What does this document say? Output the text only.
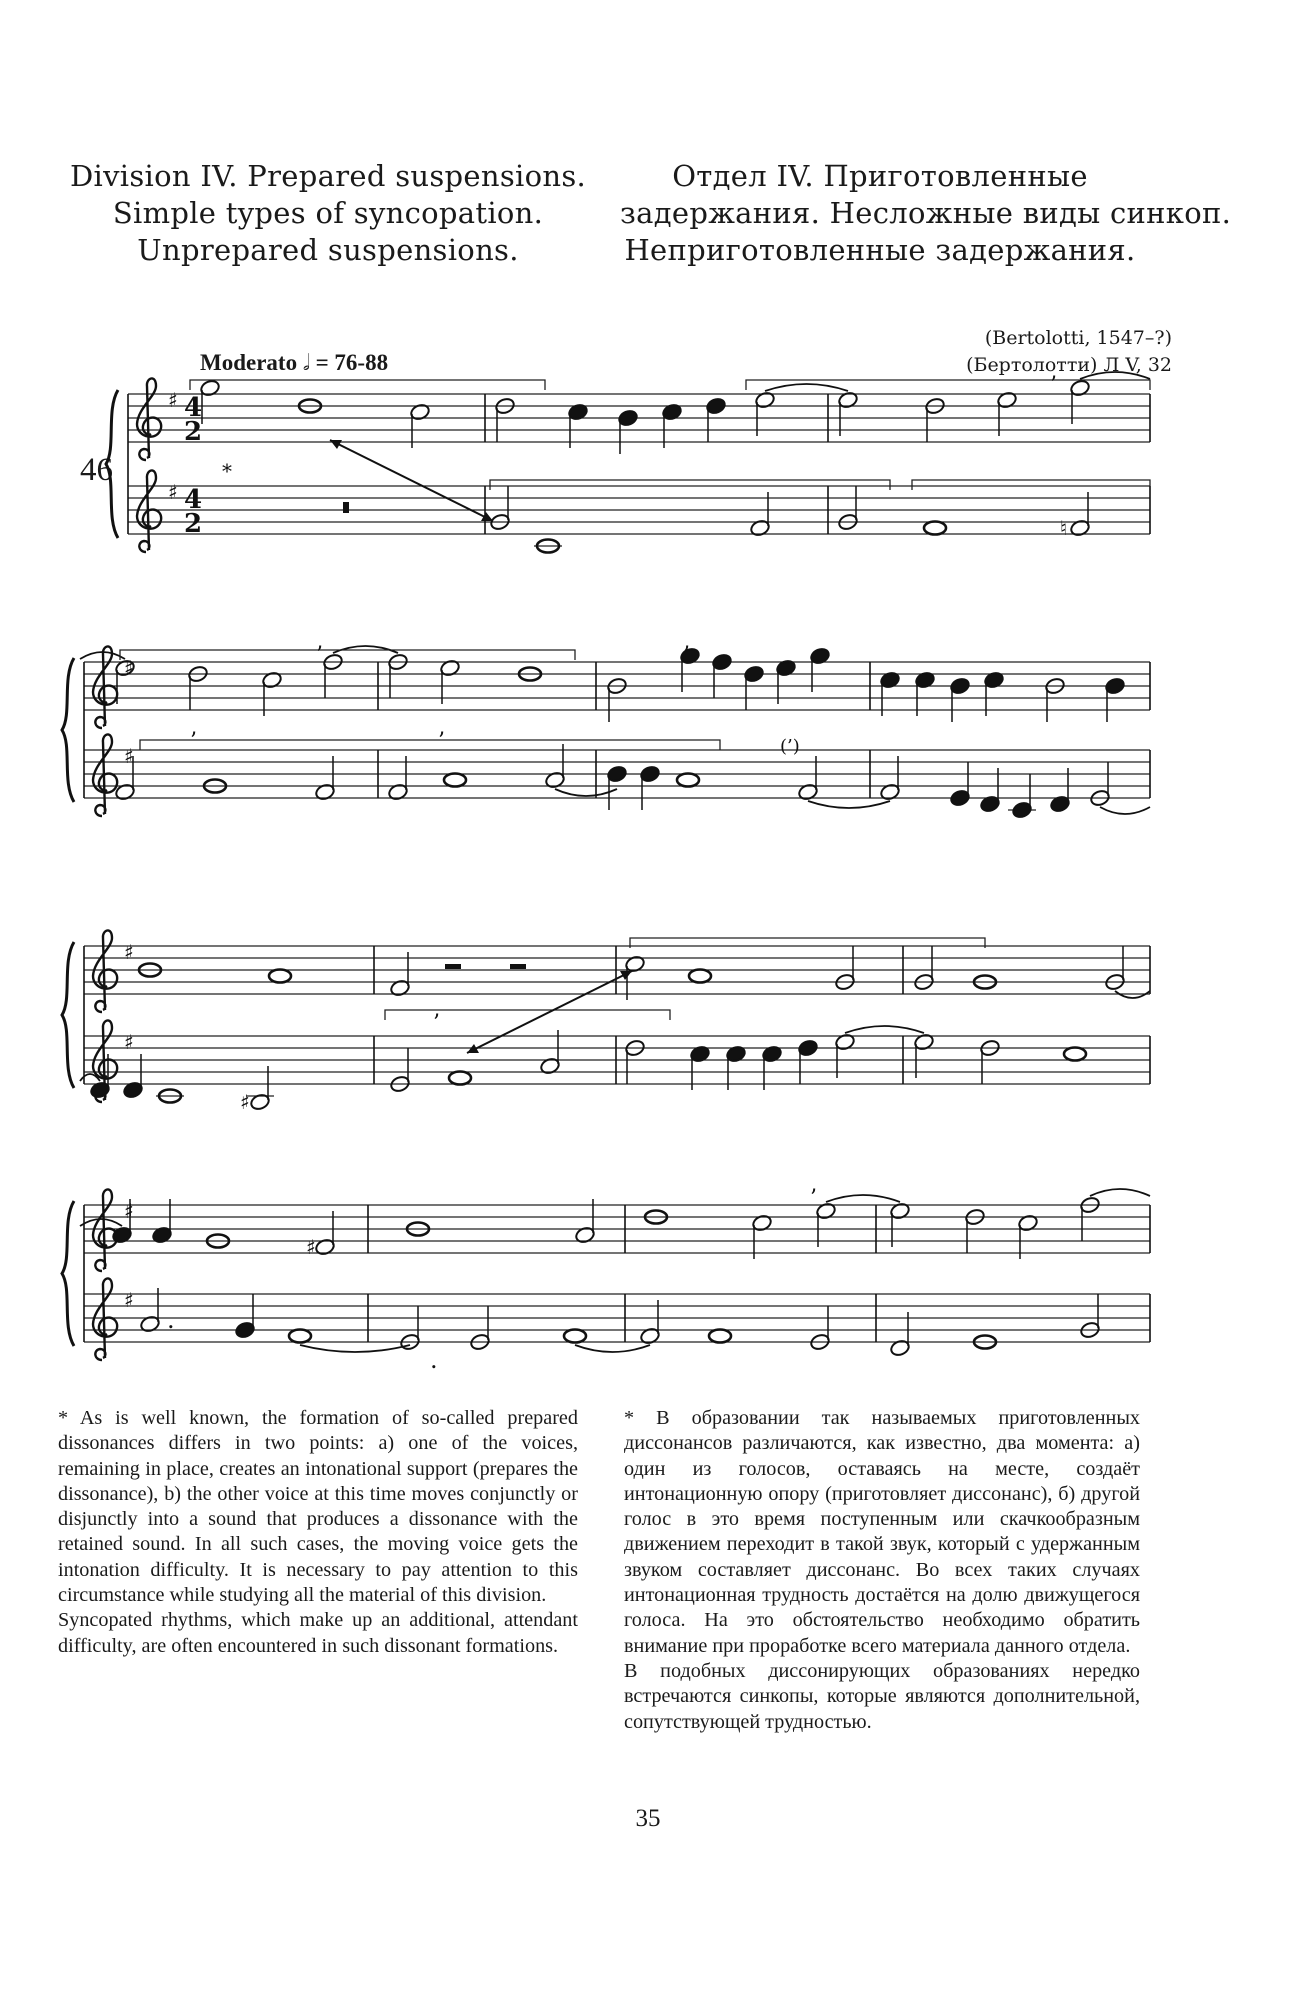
Division IV. Prepared suspensions.
Simple types of syncopation.
Unprepared suspensions.
Отдел IV. Приготовленные
задержания. Несложные виды синкоп.
Неприготовленные задержания.
(Bertolotti, 1547–?)
(Бертолотти) Л V, 32
Moderato 𝅗𝅥 = 76-88
46
♯
♯
4
2
4
2
♯
♯
♯
♯
♯
♯
♮
*
’
’
’	’
’
(’)
♯
’
♯
’
.
.

* As is well known, the formation of so-called prepared dissonances differs in two points: a) one of the voices, remaining in place, creates an intonational support (prepares the dissonance), b) the other voice at this time moves conjunctly or disjunctly into a sound that produces a dissonance with the retained sound. In all such cases, the moving voice gets the intonation difficulty. It is necessary to pay attention to this circumstance while studying all the material of this division.

Syncopated rhythms, which make up an additional, attendant difficulty, are often encountered in such dissonant formations.

* В образовании так называемых приготовленных диссонансов различаются, как известно, два момента: а) один из голосов, оставаясь на месте, создаёт интонационную опору (приготовляет диссонанс), б) другой голос в это время поступенным или скачкообразным движением переходит в такой звук, который с удержанным звуком составляет диссонанс. Во всех таких случаях интонационная трудность достаётся на долю движущегося голоса. На это обстоятельство необходимо обратить внимание при проработке всего материала данного отдела.

В подобных диссонирующих образованиях нередко встречаются синкопы, которые являются дополнительной, сопутствующей трудностью.

35
